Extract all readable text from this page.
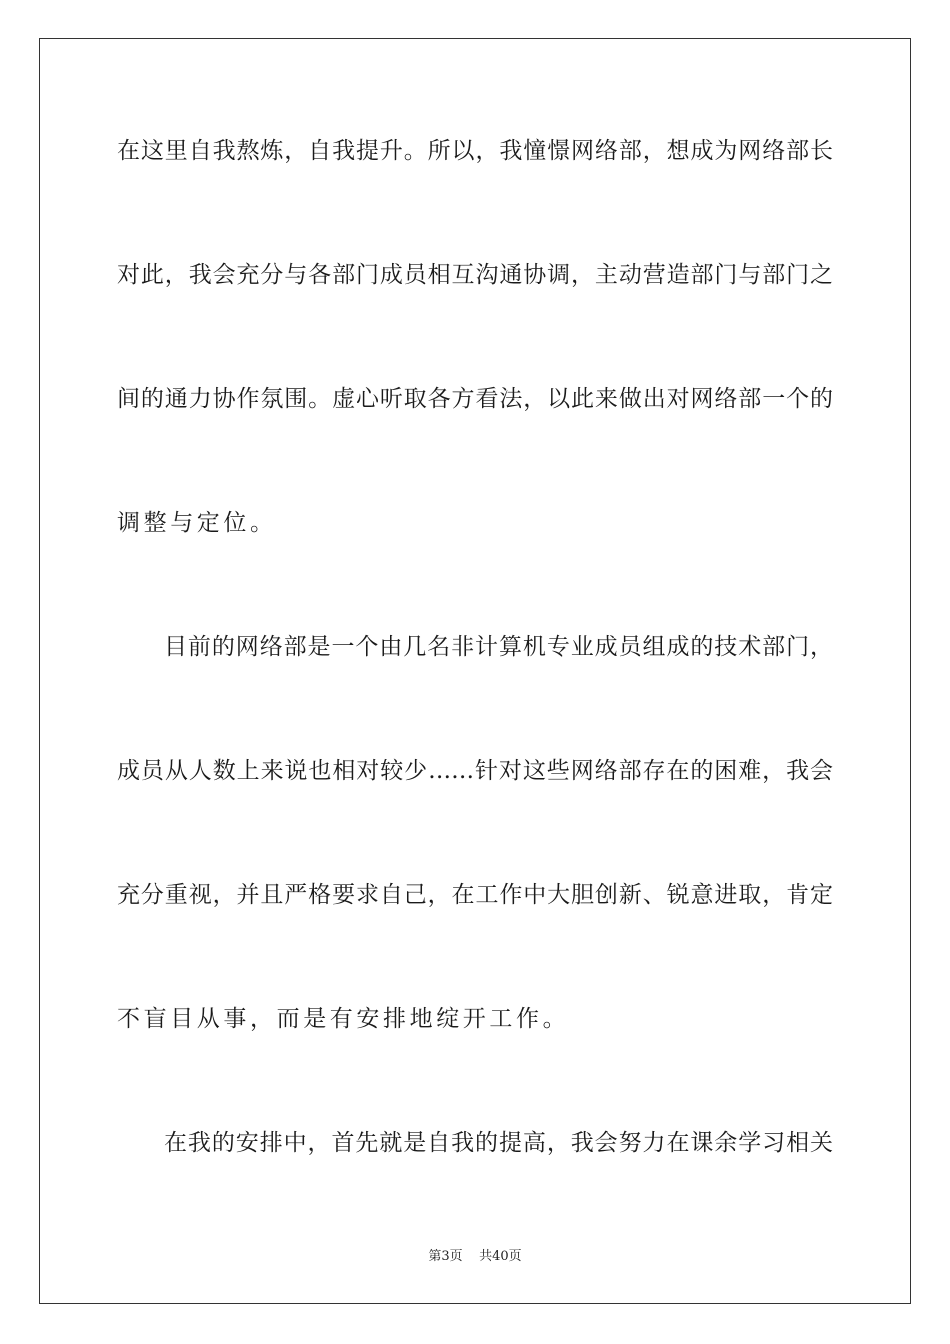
在这里自我熬炼，自我提升。所以，我憧憬网络部，想成为网络部长
对此，我会充分与各部门成员相互沟通协调，主动营造部门与部门之
间的通力协作氛围。虚心听取各方看法，以此来做出对网络部一个的
调整与定位。
目前的网络部是一个由几名非计算机专业成员组成的技术部门，
成员从人数上来说也相对较少……针对这些网络部存在的困难，我会
充分重视，并且严格要求自己，在工作中大胆创新、锐意进取，肯定
不盲目从事，而是有安排地绽开工作。
在我的安排中，首先就是自我的提高，我会努力在课余学习相关
第3页    共40页
